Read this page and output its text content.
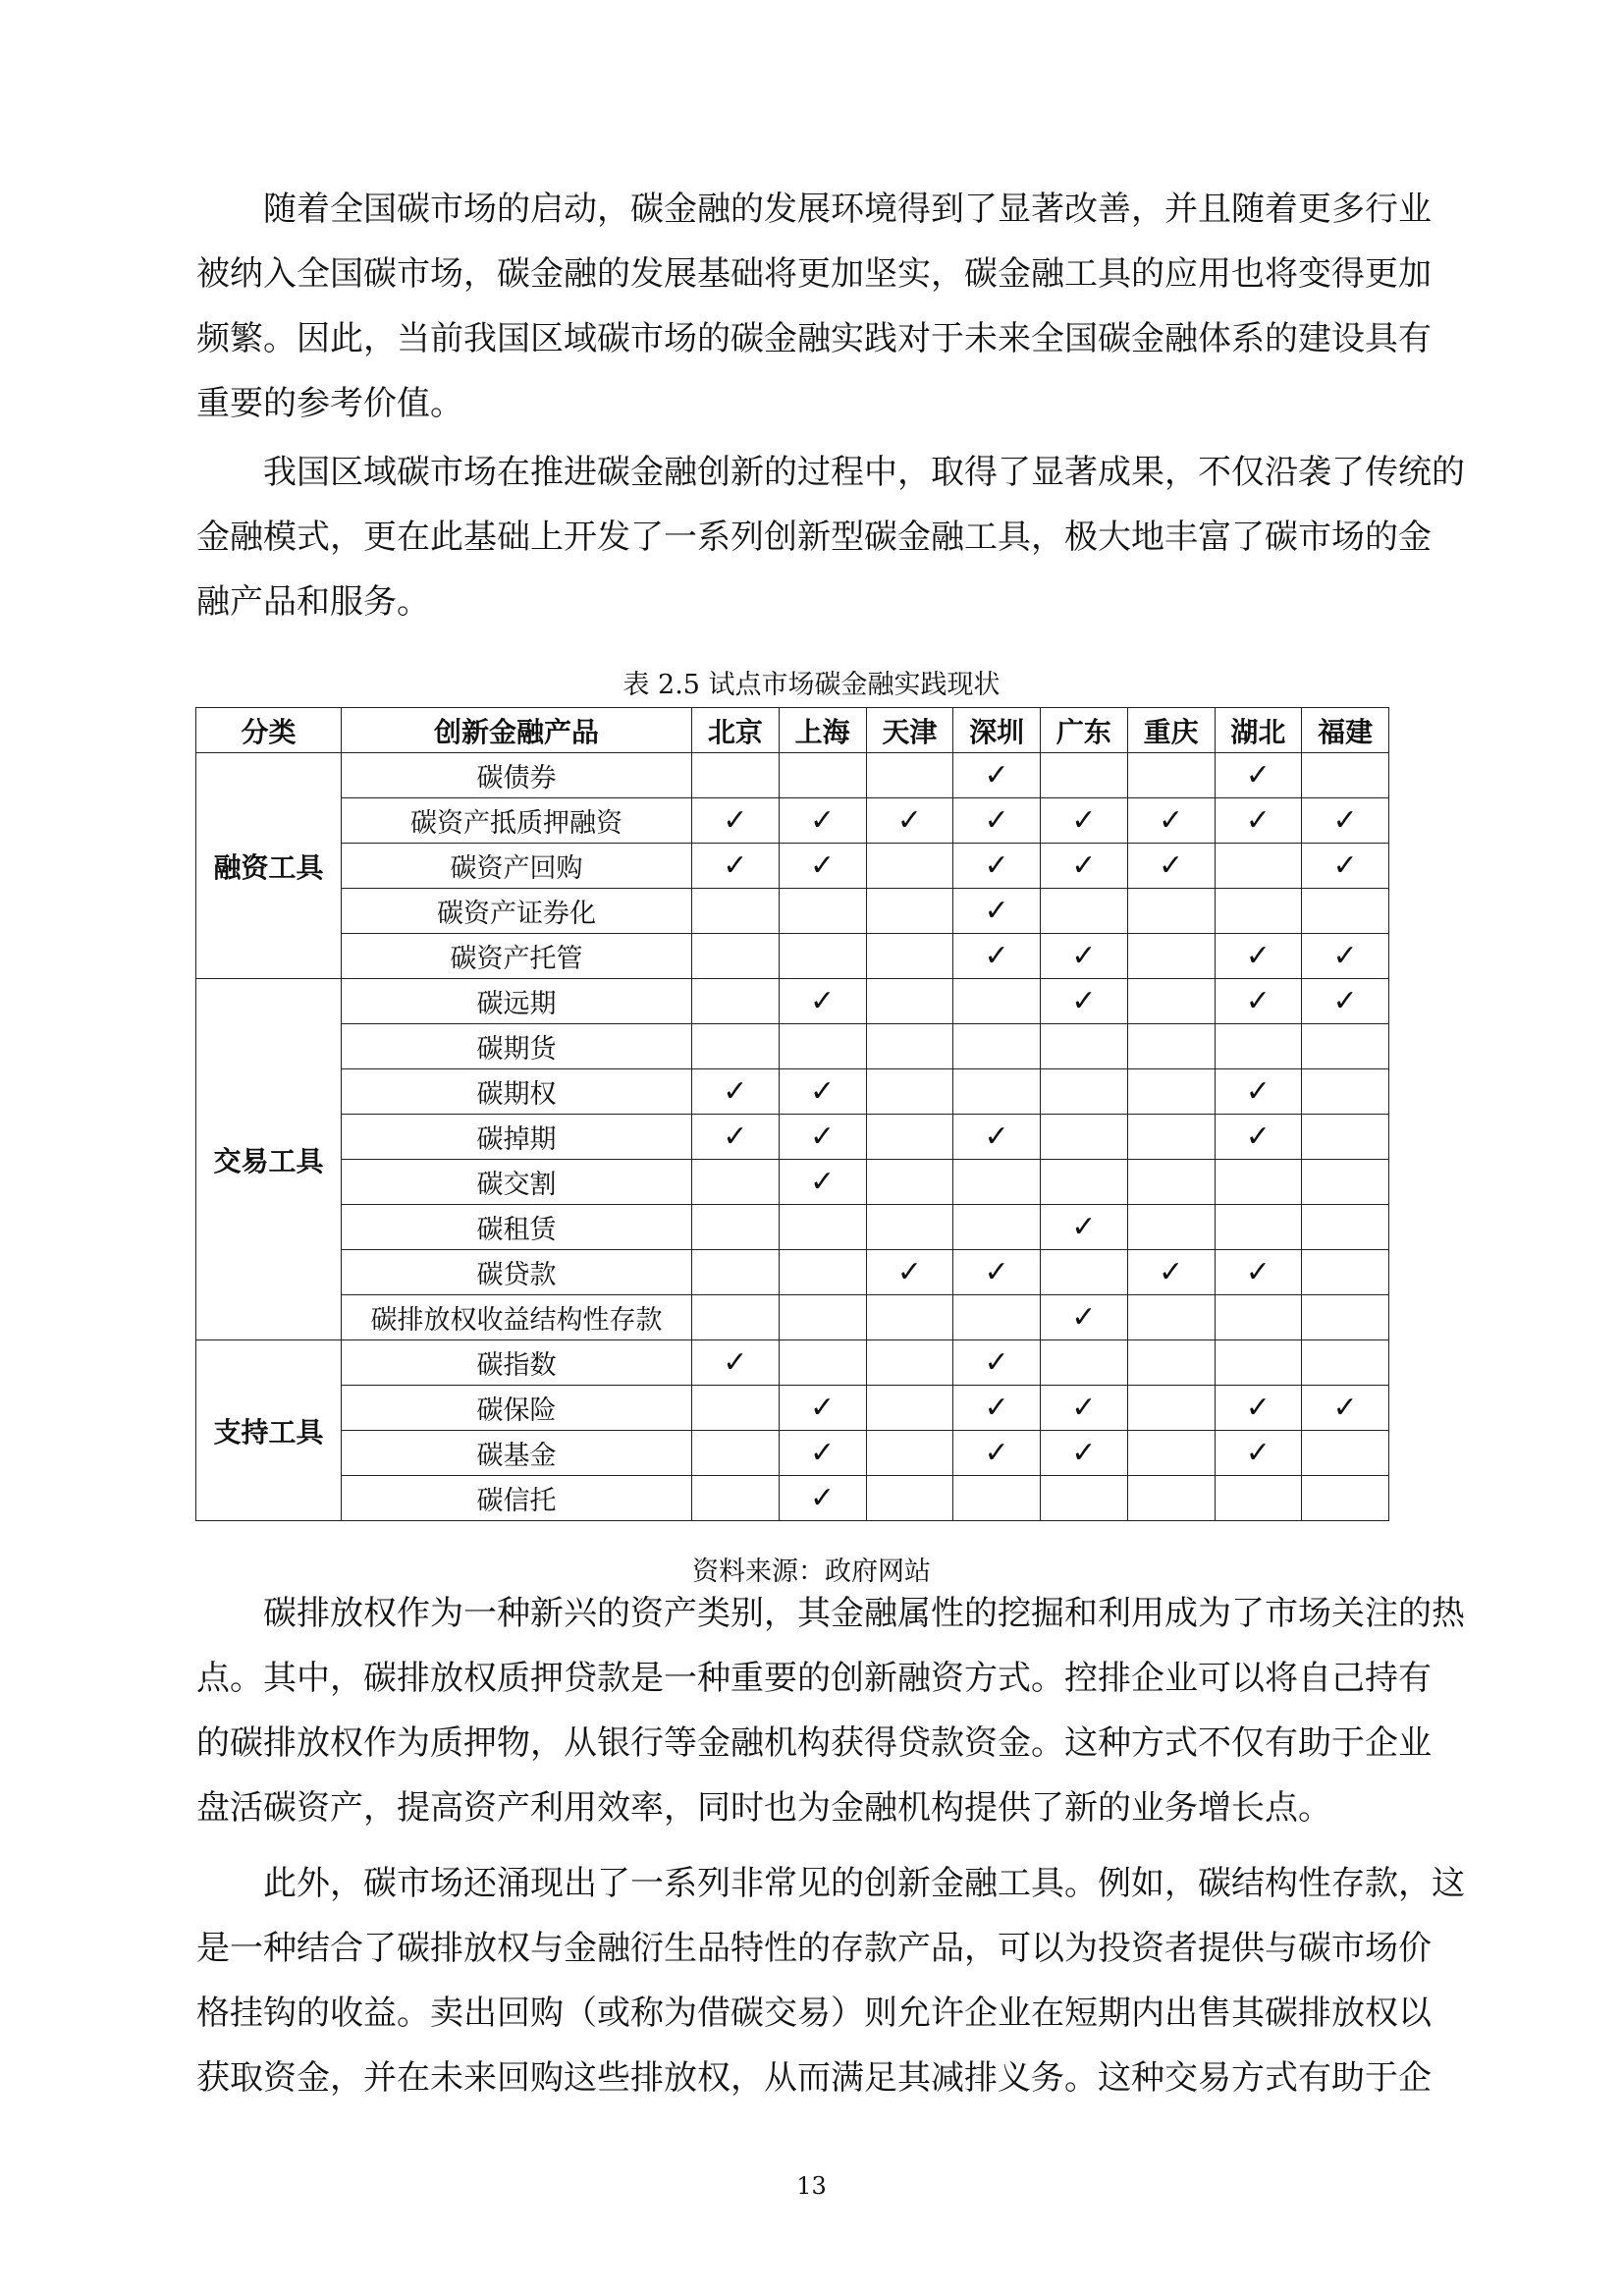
随着全国碳市场的启动，碳金融的发展环境得到了显著改善，并且随着更多行业
被纳入全国碳市场，碳金融的发展基础将更加坚实，碳金融工具的应用也将变得更加
频繁。因此，当前我国区域碳市场的碳金融实践对于未来全国碳金融体系的建设具有
重要的参考价值。
我国区域碳市场在推进碳金融创新的过程中，取得了显著成果，不仅沿袭了传统的
金融模式，更在此基础上开发了一系列创新型碳金融工具，极大地丰富了碳市场的金
融产品和服务。
表 2.5 试点市场碳金融实践现状
分类	创新金融产品	北京	上海	天津	深圳	广东	重庆	湖北	福建
融资工具	碳债券				✓			✓	
	碳资产抵质押融资	✓	✓	✓	✓	✓	✓	✓	✓
	碳资产回购	✓	✓		✓	✓	✓		✓
	碳资产证券化				✓				
	碳资产托管				✓	✓		✓	✓
交易工具	碳远期		✓			✓		✓	✓
	碳期货								
	碳期权	✓	✓					✓	
	碳掉期	✓	✓		✓			✓	
	碳交割		✓						
	碳租赁					✓			
	碳贷款			✓	✓		✓	✓	
	碳排放权收益结构性存款					✓			
支持工具	碳指数	✓			✓				
	碳保险		✓		✓	✓		✓	✓
	碳基金		✓		✓	✓		✓	
	碳信托		✓						
资料来源：政府网站
碳排放权作为一种新兴的资产类别，其金融属性的挖掘和利用成为了市场关注的热
点。其中，碳排放权质押贷款是一种重要的创新融资方式。控排企业可以将自己持有
的碳排放权作为质押物，从银行等金融机构获得贷款资金。这种方式不仅有助于企业
盘活碳资产，提高资产利用效率，同时也为金融机构提供了新的业务增长点。
此外，碳市场还涌现出了一系列非常见的创新金融工具。例如，碳结构性存款，这
是一种结合了碳排放权与金融衍生品特性的存款产品，可以为投资者提供与碳市场价
格挂钩的收益。卖出回购（或称为借碳交易）则允许企业在短期内出售其碳排放权以
获取资金，并在未来回购这些排放权，从而满足其减排义务。这种交易方式有助于企
13
